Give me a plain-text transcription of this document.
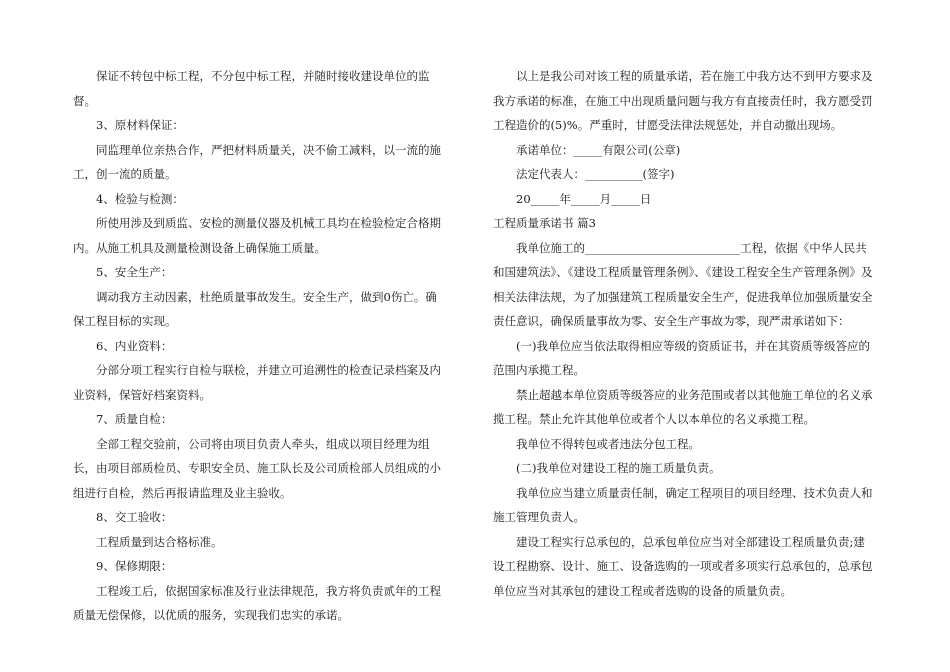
保证不转包中标工程，不分包中标工程，并随时接收建设单位的监督。

3、原材料保证：

同监理单位亲热合作，严把材料质量关，决不偷工减料，以一流的施工，创一流的质量。

4、检验与检测：

所使用涉及到质监、安检的测量仪器及机械工具均在检验检定合格期内。从施工机具及测量检测设备上确保施工质量。

5、安全生产：

调动我方主动因素，杜绝质量事故发生。安全生产，做到0伤亡。确保工程目标的实现。

6、内业资料：

分部分项工程实行自检与联检，并建立可追溯性的检查记录档案及内业资料，保管好档案资料。

7、质量自检：

全部工程交验前，公司将由项目负责人牵头，组成以项目经理为组长，由项目部质检员、专职安全员、施工队长及公司质检部人员组成的小组进行自检，然后再报请监理及业主验收。

8、交工验收：

工程质量到达合格标准。

9、保修期限：

工程竣工后，依据国家标准及行业法律规范，我方将负责贰年的工程质量无偿保修，以优质的服务，实现我们忠实的承诺。

以上是我公司对该工程的质量承诺，若在施工中我方达不到甲方要求及我方承诺的标准，在施工中出现质量问题与我方有直接责任时，我方愿受罚工程造价的(5)%。严重时，甘愿受法律法规惩处，并自动撤出现场。

承诺单位：_____有限公司(公章)

法定代表人：__________(签字)

20_____年_____月_____日

工程质量承诺书 篇3

我单位施工的___________________________工程，依据《中华人民共和国建筑法》、《建设工程质量管理条例》、《建设工程安全生产管理条例》及相关法律法规，为了加强建筑工程质量安全生产，促进我单位加强质量安全责任意识，确保质量事故为零、安全生产事故为零，现严肃承诺如下：

(一)我单位应当依法取得相应等级的资质证书，并在其资质等级答应的范围内承揽工程。

禁止超越本单位资质等级答应的业务范围或者以其他施工单位的名义承揽工程。禁止允许其他单位或者个人以本单位的名义承揽工程。

我单位不得转包或者违法分包工程。

(二)我单位对建设工程的施工质量负责。

我单位应当建立质量责任制，确定工程项目的项目经理、技术负责人和施工管理负责人。

建设工程实行总承包的，总承包单位应当对全部建设工程质量负责;建设工程勘察、设计、施工、设备选购的一项或者多项实行总承包的，总承包单位应当对其承包的建设工程或者选购的设备的质量负责。
